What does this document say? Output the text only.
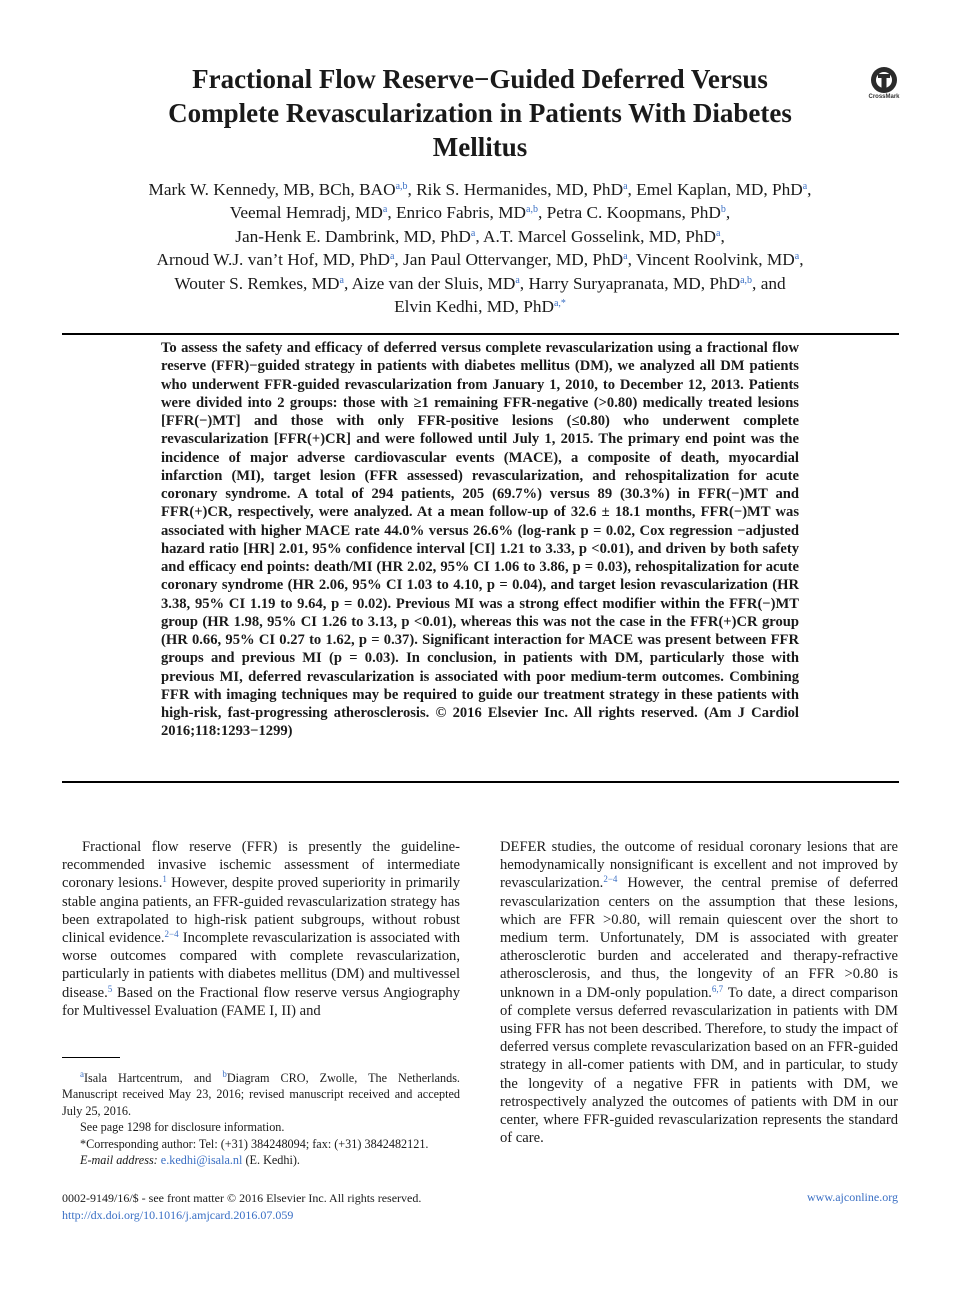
Fractional Flow Reserve−Guided Deferred Versus Complete Revascularization in Patients With Diabetes Mellitus
CrossMark
Mark W. Kennedy, MB, BCh, BAO$^{a,b}$, Rik S. Hermanides, MD, PhD$^a$, Emel Kaplan, MD, PhD$^a$,
Veemal Hemradj, MD$^a$, Enrico Fabris, MD$^{a,b}$, Petra C. Koopmans, PhD$^b$,
Jan-Henk E. Dambrink, MD, PhD$^a$, A.T. Marcel Gosselink, MD, PhD$^a$,
Arnoud W.J. van’t Hof, MD, PhD$^a$, Jan Paul Ottervanger, MD, PhD$^a$, Vincent Roolvink, MD$^a$,
Wouter S. Remkes, MD$^a$, Aize van der Sluis, MD$^a$, Harry Suryapranata, MD, PhD$^{a,b}$, and
Elvin Kedhi, MD, PhD$^{a,*}$

To assess the safety and efficacy of deferred versus complete revascularization using a fractional flow reserve (FFR)−guided strategy in patients with diabetes mellitus (DM), we analyzed all DM patients who underwent FFR-guided revascularization from January 1, 2010, to December 12, 2013. Patients were divided into 2 groups: those with ≥1 remaining FFR-negative (>0.80) medically treated lesions [FFR(−)MT] and those with only FFR-positive lesions (≤0.80) who underwent complete revascularization [FFR(+)CR] and were followed until July 1, 2015. The primary end point was the incidence of major adverse cardiovascular events (MACE), a composite of death, myocardial infarction (MI), target lesion (FFR assessed) revascularization, and rehospitalization for acute coronary syndrome. A total of 294 patients, 205 (69.7%) versus 89 (30.3%) in FFR(−)MT and FFR(+)CR, respectively, were analyzed. At a mean follow-up of 32.6 ± 18.1 months, FFR(−)MT was associated with higher MACE rate 44.0% versus 26.6% (log-rank p = 0.02, Cox regression −adjusted hazard ratio [HR] 2.01, 95% confidence interval [CI] 1.21 to 3.33, p <0.01), and driven by both safety and efficacy end points: death/MI (HR 2.02, 95% CI 1.06 to 3.86, p = 0.03), rehospitalization for acute coronary syndrome (HR 2.06, 95% CI 1.03 to 4.10, p = 0.04), and target lesion revascularization (HR 3.38, 95% CI 1.19 to 9.64, p = 0.02). Previous MI was a strong effect modifier within the FFR(−)MT group (HR 1.98, 95% CI 1.26 to 3.13, p <0.01), whereas this was not the case in the FFR(+)CR group (HR 0.66, 95% CI 0.27 to 1.62, p = 0.37). Significant interaction for MACE was present between FFR groups and previous MI (p = 0.03). In conclusion, in patients with DM, particularly those with previous MI, deferred revascularization is associated with poor medium-term outcomes. Combining FFR with imaging techniques may be required to guide our treatment strategy in these patients with high-risk, fast-progressing atherosclerosis. © 2016 Elsevier Inc. All rights reserved. (Am J Cardiol 2016;118:1293−1299)

Fractional flow reserve (FFR) is presently the guideline-recommended invasive ischemic assessment of intermediate coronary lesions.$^1$ However, despite proved superiority in primarily stable angina patients, an FFR-guided revascularization strategy has been extrapolated to high-risk patient subgroups, without robust clinical evidence.$^{2-4}$ Incomplete revascularization is associated with worse outcomes compared with complete revascularization, particularly in patients with diabetes mellitus (DM) and multivessel disease.$^5$ Based on the Fractional flow reserve versus Angiography for Multivessel Evaluation (FAME I, II) and

DEFER studies, the outcome of residual coronary lesions that are hemodynamically nonsignificant is excellent and not improved by revascularization.$^{2-4}$ However, the central premise of deferred revascularization centers on the assumption that these lesions, which are FFR >0.80, will remain quiescent over the short to medium term. Unfortunately, DM is associated with greater atherosclerotic burden and accelerated and therapy-refractive atherosclerosis, and thus, the longevity of an FFR >0.80 is unknown in a DM-only population.$^{6,7}$ To date, a direct comparison of complete versus deferred revascularization in patients with DM using FFR has not been described. Therefore, to study the impact of deferred versus complete revascularization based on an FFR-guided strategy in all-comer patients with DM, and in particular, to study the longevity of a negative FFR in patients with DM, we retrospectively analyzed the outcomes of patients with DM in our center, where FFR-guided revascularization represents the standard of care.

$^a$Isala Hartcentrum, and $^b$Diagram CRO, Zwolle, The Netherlands. Manuscript received May 23, 2016; revised manuscript received and accepted July 25, 2016.

See page 1298 for disclosure information.

*Corresponding author: Tel: (+31) 384248094; fax: (+31) 3842482121.

E-mail address: e.kedhi@isala.nl (E. Kedhi).

0002-9149/16/$ - see front matter © 2016 Elsevier Inc. All rights reserved.
http://dx.doi.org/10.1016/j.amjcard.2016.07.059
www.ajconline.org
